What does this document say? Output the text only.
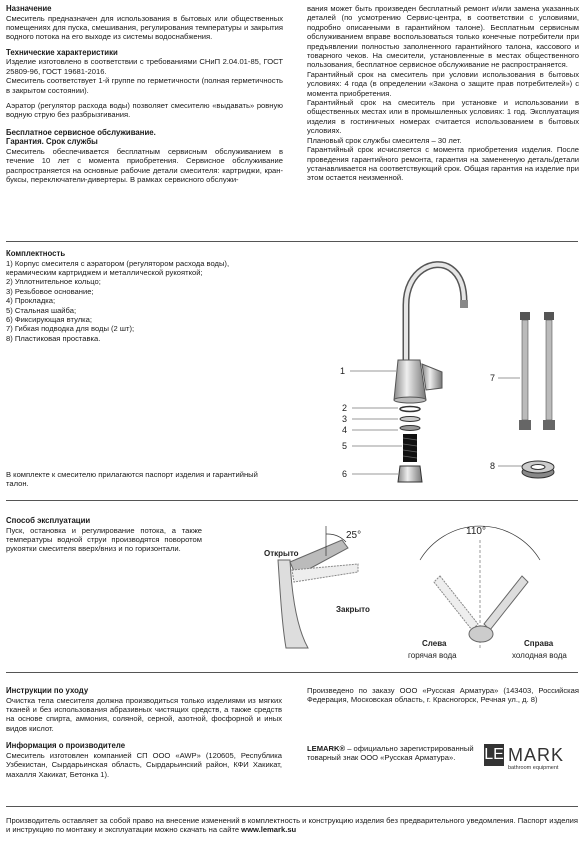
Назначение
Смеситель предназначен для использования в бытовых или общественных помещениях для пуска, смешивания, регулирования температуры и закрытия водного потока на его выходе из системы водоснабжения.
Технические характеристики
Изделие изготовлено в соответствии с требованиями СНиП 2.04.01-85, ГОСТ 25809-96, ГОСТ 19681-2016.
Смеситель соответствует 1-й группе по герметичности (полная герметичность в закрытом состоянии).
Аэратор (регулятор расхода воды) позволяет смесителю «выдавать» ровную водную струю без разбрызгивания.
Бесплатное сервисное обслуживание.
Гарантия. Срок службы
Смеситель обеспечивается бесплатным сервисным обслуживанием в течение 10 лет с момента приобретения. Сервисное обслуживание распространяется на основные рабочие детали смесителя: картриджи, кран-буксы, переключатели-дивертеры. В рамках сервисного обслужи-
вания может быть произведен бесплатный ремонт и/или замена указанных деталей (по усмотрению Сервис-центра, в соответствии с условиями, подробно описанными в гарантийном талоне). Бесплатным сервисным обслуживанием вправе воспользоваться только конечные потребители при предъявлении полностью заполненного гарантийного талона, кассового и товарного чеков. На смесители, установленные в местах общественного пользования, бесплатное сервисное обслуживание не распространяется.
Гарантийный срок на смеситель при условии использования в бытовых условиях: 4 года (в определении «Закона о защите прав потребителей») с момента приобретения.
Гарантийный срок на смеситель при установке и использовании в общественных местах или в промышленных условиях: 1 год. Эксплуатация изделия в гостиничных номерах считается использованием в бытовых условиях.
Плановый срок службы смесителя – 30 лет.
Гарантийный срок исчисляется с момента приобретения изделия. После проведения гарантийного ремонта, гарантия на замененную деталь/детали устанавливается на соответствующий срок. Общая гарантия на изделие при этом остается неизменной.
Комплектность
1) Корпус смесителя с аэратором (регулятором расхода воды), керамическим картриджем и металлической рукояткой;
2) Уплотнительное кольцо;
3) Резьбовое основание;
4) Прокладка;
5) Стальная шайба;
6) Фиксирующая втулка;
7) Гибкая подводка для воды (2 шт);
8) Пластиковая проставка.
В комплекте к смесителю прилагаются паспорт изделия и гарантийный талон.
1
2
3
4
5
6
7
8
Способ эксплуатации
Пуск, остановка и регулирование потока, а также температуры водной струи производятся поворотом рукоятки смесителя вверх/вниз и по горизонтали.
25°
Открыто
Закрыто
110°
Слева
горячая вода
Справа
холодная вода
Инструкции по уходу
Очистка тела смесителя должна производиться только изделиями из мягких тканей и без использования абразивных чистящих средств, а также средств на основе спирта, аммония, соляной, серной, азотной, фосфорной и иных видов кислот.
Информация о производителе
Смеситель изготовлен компанией СП ООО «AWP» (120605, Республика Узбекистан, Сырдарьинская область, Сырдарьинский район, КФИ Хакикат, махалля Хакикат, Бетонка 1).
Произведено по заказу ООО «Русская Арматура» (143403, Российская Федерация, Московская область, г. Красногорск, Речная ул., д. 8)
LEMARK® – официально зарегистрированный товарный знак ООО «Русская Арматура».	LE MARK
bathroom equipment
Производитель оставляет за собой право на внесение изменений в комплектность и конструкцию изделия без предварительного уведомления. Паспорт изделия и инструкцию по монтажу и эксплуатации можно скачать на сайте www.lemark.su
